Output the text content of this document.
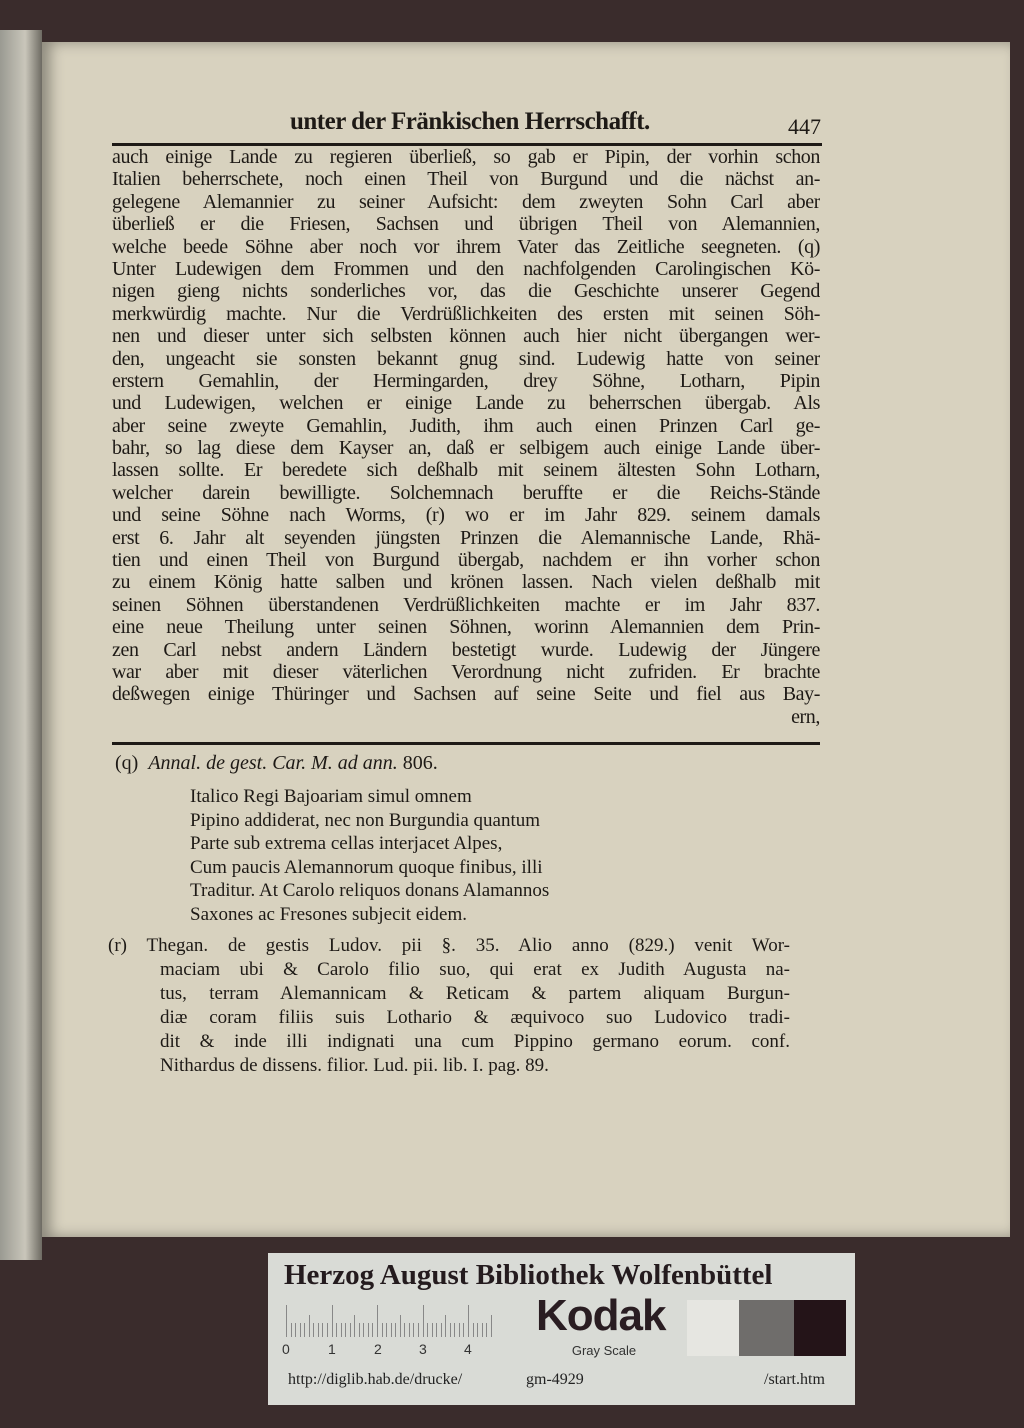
unter der Fränkischen Herrschafft.	447
auch einige Lande zu regieren überließ, so gab er Pipin, der vorhin schon
Italien beherrschete, noch einen Theil von Burgund und die nächst an-
gelegene Alemannier zu seiner Aufsicht: dem zweyten Sohn Carl aber
überließ er die Friesen, Sachsen und übrigen Theil von Alemannien,
welche beede Söhne aber noch vor ihrem Vater das Zeitliche seegneten. (q)
Unter Ludewigen dem Frommen und den nachfolgenden Carolingischen Kö-
nigen gieng nichts sonderliches vor, das die Geschichte unserer Gegend
merkwürdig machte. Nur die Verdrüßlichkeiten des ersten mit seinen Söh-
nen und dieser unter sich selbsten können auch hier nicht übergangen wer-
den, ungeacht sie sonsten bekannt gnug sind. Ludewig hatte von seiner
erstern Gemahlin, der Hermingarden, drey Söhne, Lotharn, Pipin
und Ludewigen, welchen er einige Lande zu beherrschen übergab. Als
aber seine zweyte Gemahlin, Judith, ihm auch einen Prinzen Carl ge-
bahr, so lag diese dem Kayser an, daß er selbigem auch einige Lande über-
lassen sollte. Er beredete sich deßhalb mit seinem ältesten Sohn Lotharn,
welcher darein bewilligte. Solchemnach beruffte er die Reichs-Stände
und seine Söhne nach Worms, (r) wo er im Jahr 829. seinem damals
erst 6. Jahr alt seyenden jüngsten Prinzen die Alemannische Lande, Rhä-
tien und einen Theil von Burgund übergab, nachdem er ihn vorher schon
zu einem König hatte salben und krönen lassen. Nach vielen deßhalb mit
seinen Söhnen überstandenen Verdrüßlichkeiten machte er im Jahr 837.
eine neue Theilung unter seinen Söhnen, worinn Alemannien dem Prin-
zen Carl nebst andern Ländern bestetigt wurde. Ludewig der Jüngere
war aber mit dieser väterlichen Verordnung nicht zufriden. Er brachte
deßwegen einige Thüringer und Sachsen auf seine Seite und fiel aus Bay-
ern,
(q) Annal. de gest. Car. M. ad ann. 806.
Italico Regi Bajoariam simul omnem
Pipino addiderat, nec non Burgundia quantum
Parte sub extrema cellas interjacet Alpes,
Cum paucis Alemannorum quoque finibus, illi
Traditur. At Carolo reliquos donans Alamannos
Saxones ac Fresones subjecit eidem.
(r) Thegan. de gestis Ludov. pii §. 35. Alio anno (829.) venit Wor-
maciam ubi & Carolo filio suo, qui erat ex Judith Augusta na-
tus, terram Alemannicam & Reticam & partem aliquam Burgun-
diæ coram filiis suis Lothario & æquivoco suo Ludovico tradi-
dit & inde illi indignati una cum Pippino germano eorum. conf.
Nithardus de dissens. filior. Lud. pii. lib. I. pag. 89.
Herzog August Bibliothek Wolfenbüttel
0	1	2	3	4
Kodak
Gray Scale
http://diglib.hab.de/drucke/	gm-4929	/start.htm
